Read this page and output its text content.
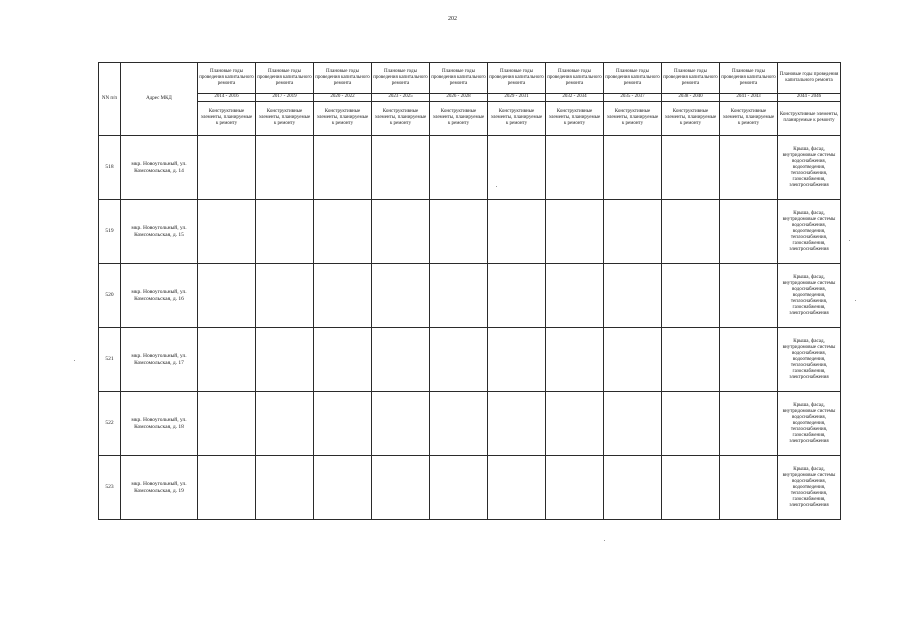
202
NN п/п	Адрес МКД	Плановые годы проведения капитального ремонта	Плановые годы проведения капитального ремонта	Плановые годы проведения капитального ремонта	Плановые годы проведения капитального ремонта	Плановые годы проведения капитального ремонта	Плановые годы проведения капитального ремонта	Плановые годы проведения капитального ремонта	Плановые годы проведения капитального ремонта	Плановые годы проведения капитального ремонта	Плановые годы проведения капитального ремонта	Плановые годы проведения капитального ремонта
		2014 - 2016	2017 - 2019	2020 - 2022	2023 - 2025	2026 - 2028	2029 - 2031	2032 - 2034	2035 - 2037	2038 - 2040	2041 - 2043	2044 - 2046
		Конструктивные элементы, планируемые к ремонту	Конструктивные элементы, планируемые к ремонту	Конструктивные элементы, планируемые к ремонту	Конструктивные элементы, планируемые к ремонту	Конструктивные элементы, планируемые к ремонту	Конструктивные элементы, планируемые к ремонту	Конструктивные элементы, планируемые к ремонту	Конструктивные элементы, планируемые к ремонту	Конструктивные элементы, планируемые к ремонту	Конструктивные элементы, планируемые к ремонту	Конструктивные элементы, планируемые к ремонту
518	мкр. Новоугольный, ул. Комсомольская, д. 14											Крыша, фасад, внутридомовые системы водоснабжения, водоотведения, теплоснабжения, газоснабжения, электроснабжения
519	мкр. Новоугольный, ул. Комсомольская, д. 15											Крыша, фасад, внутридомовые системы водоснабжения, водоотведения, теплоснабжения, газоснабжения, электроснабжения
520	мкр. Новоугольный, ул. Комсомольская, д. 16											Крыша, фасад, внутридомовые системы водоснабжения, водоотведения, теплоснабжения, газоснабжения, электроснабжения
521	мкр. Новоугольный, ул. Комсомольская, д. 17											Крыша, фасад, внутридомовые системы водоснабжения, водоотведения, теплоснабжения, газоснабжения, электроснабжения
522	мкр. Новоугольный, ул. Комсомольская, д. 18											Крыша, фасад, внутридомовые системы водоснабжения, водоотведения, теплоснабжения, газоснабжения, электроснабжения
523	мкр. Новоугольный, ул. Комсомольская, д. 19											Крыша, фасад, внутридомовые системы водоснабжения, водоотведения, теплоснабжения, газоснабжения, электроснабжения
